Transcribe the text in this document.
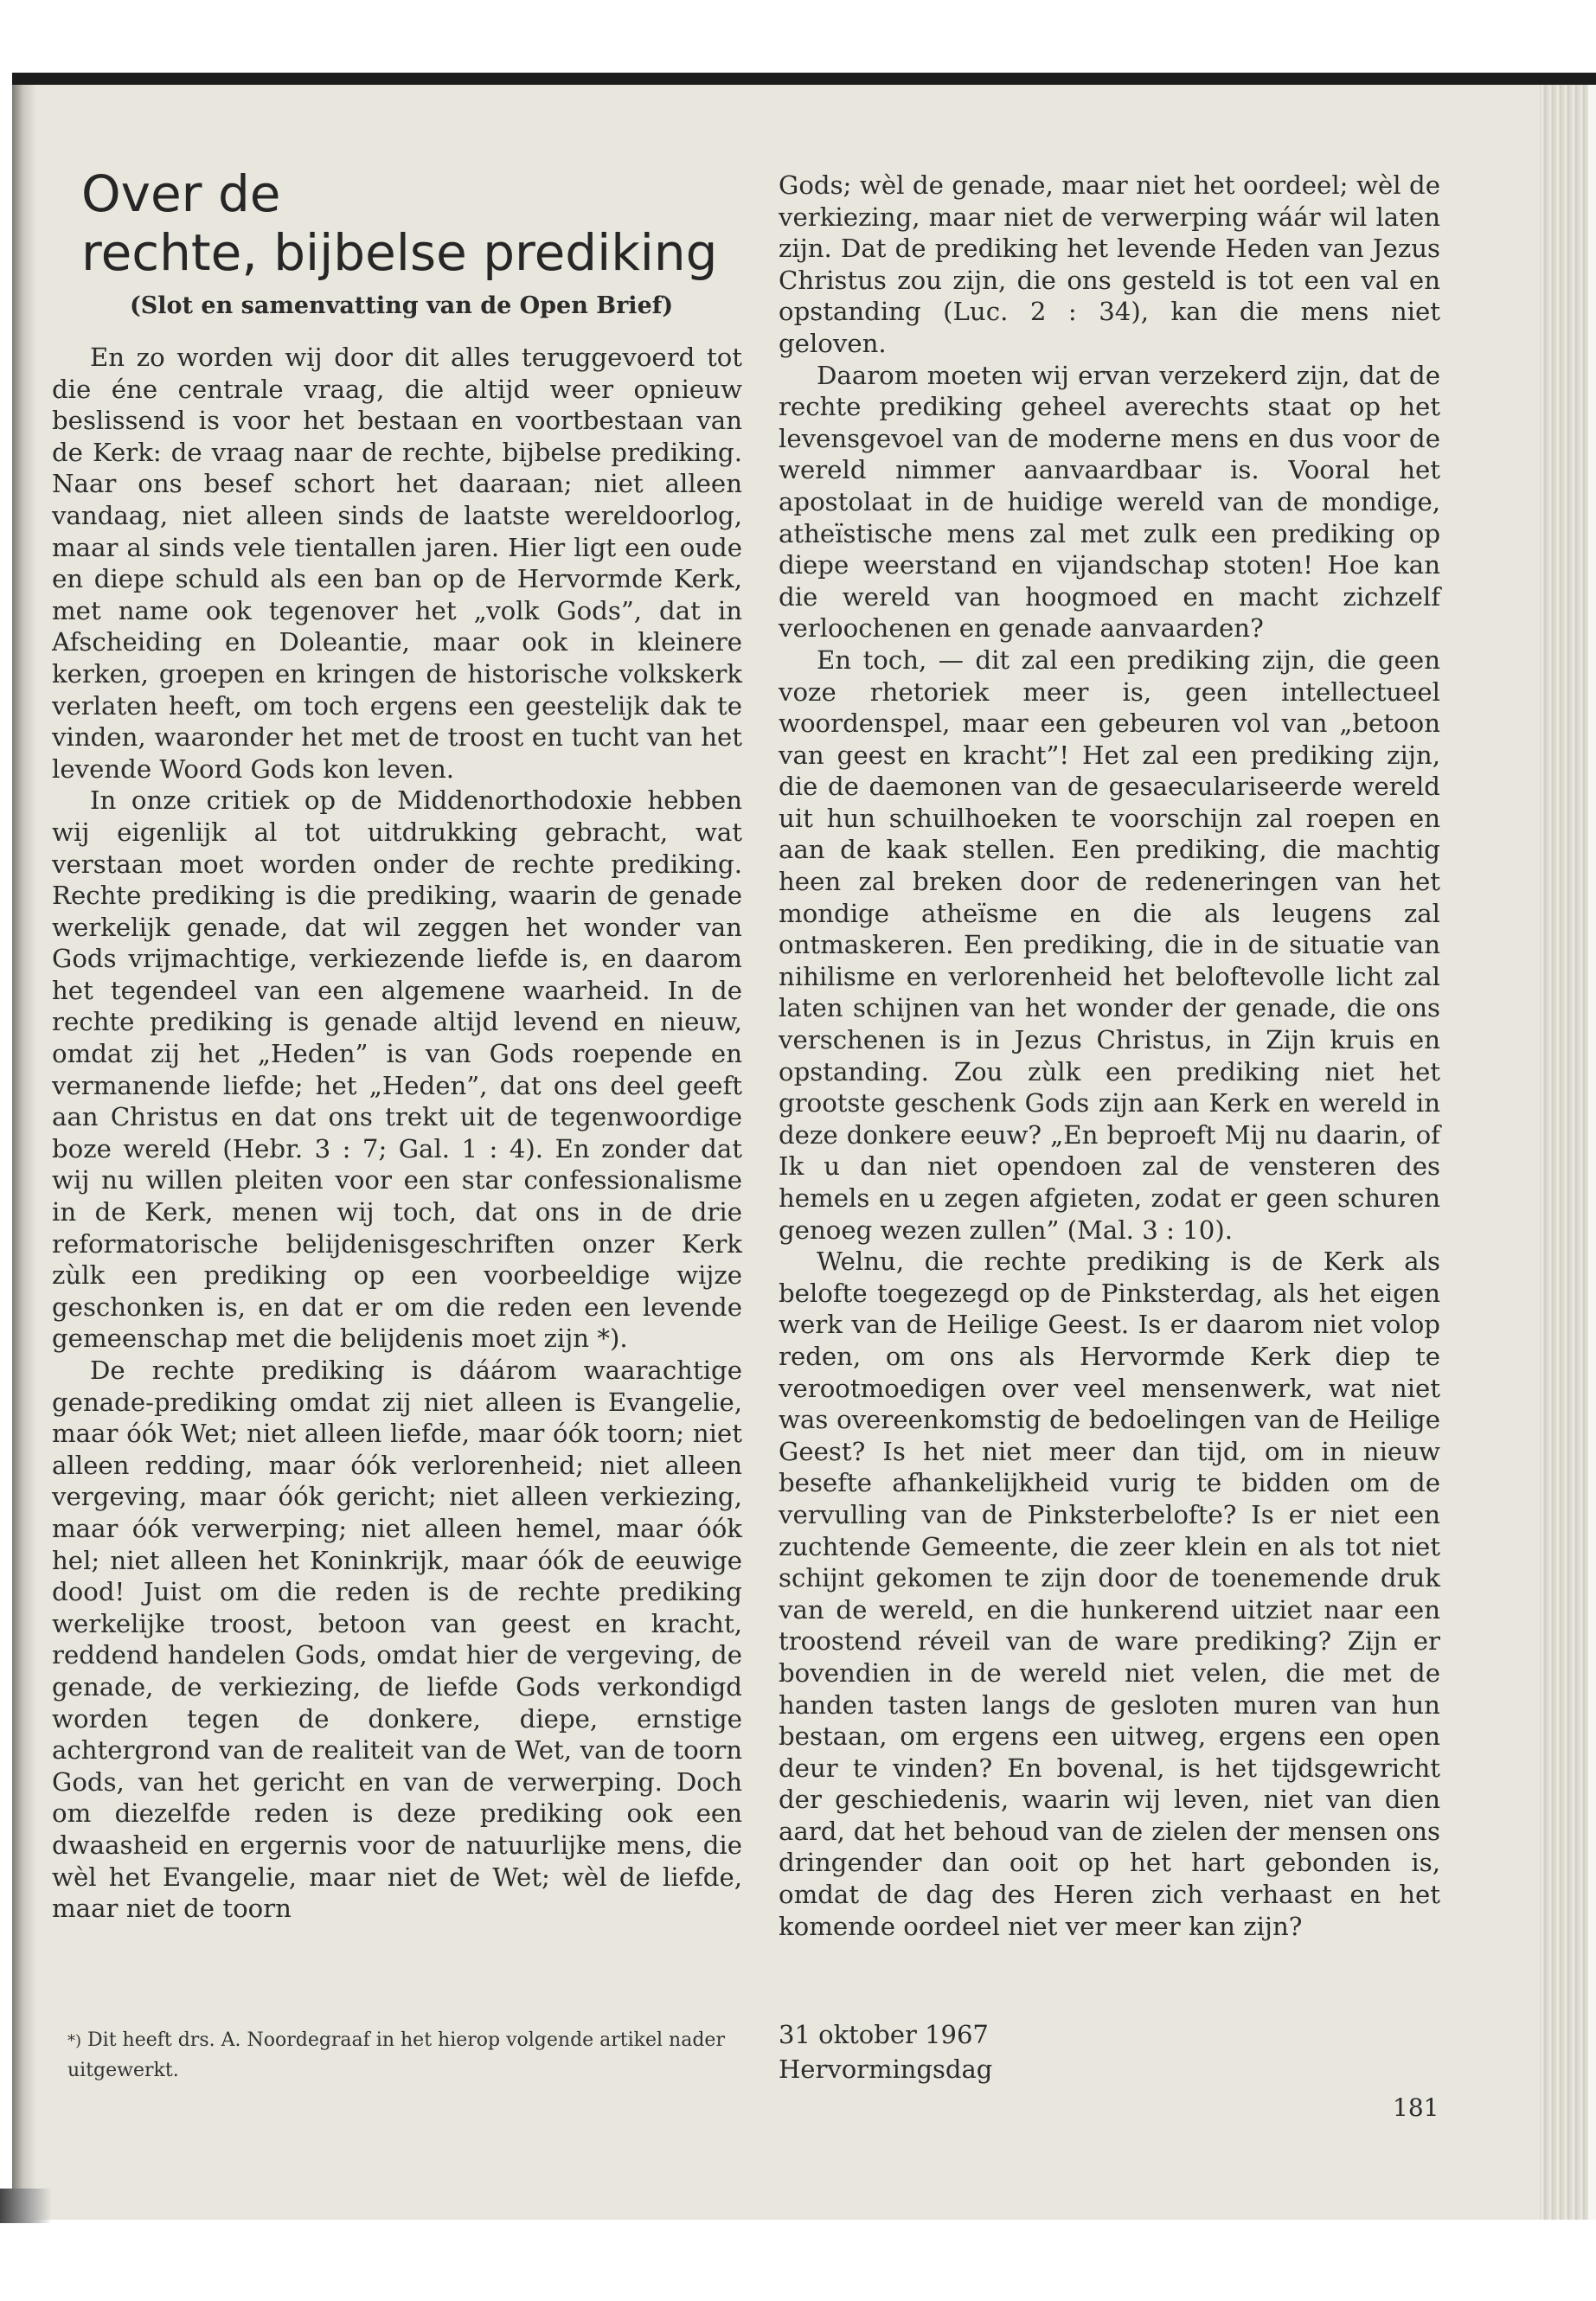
Over de
rechte, bijbelse prediking

(Slot en samenvatting van de Open Brief)

En zo worden wij door dit alles teruggevoerd tot die éne centrale vraag, die altijd weer opnieuw beslissend is voor het bestaan en voortbestaan van de Kerk: de vraag naar de rechte, bijbelse prediking. Naar ons besef schort het daaraan; niet alleen vandaag, niet alleen sinds de laatste wereldoorlog, maar al sinds vele tientallen jaren. Hier ligt een oude en diepe schuld als een ban op de Hervormde Kerk, met name ook tegenover het „volk Gods”, dat in Afscheiding en Doleantie, maar ook in kleinere kerken, groepen en kringen de historische volkskerk verlaten heeft, om toch ergens een geestelijk dak te vinden, waaronder het met de troost en tucht van het levende Woord Gods kon leven.

In onze critiek op de Middenorthodoxie hebben wij eigenlijk al tot uitdrukking gebracht, wat verstaan moet worden onder de rechte prediking. Rechte prediking is die prediking, waarin de genade werkelijk genade, dat wil zeggen het wonder van Gods vrijmachtige, verkiezende liefde is, en daarom het tegendeel van een algemene waarheid. In de rechte prediking is genade altijd levend en nieuw, omdat zij het „Heden” is van Gods roepende en vermanende liefde; het „Heden”, dat ons deel geeft aan Christus en dat ons trekt uit de tegenwoordige boze wereld (Hebr. 3 : 7; Gal. 1 : 4). En zonder dat wij nu willen pleiten voor een star confessionalisme in de Kerk, menen wij toch, dat ons in de drie reformatorische belijdenisgeschriften onzer Kerk zùlk een prediking op een voorbeeldige wijze geschonken is, en dat er om die reden een levende gemeenschap met die belijdenis moet zijn *).

De rechte prediking is dáárom waarachtige genade-prediking omdat zij niet alleen is Evangelie, maar óók Wet; niet alleen liefde, maar óók toorn; niet alleen redding, maar óók verlorenheid; niet alleen vergeving, maar óók gericht; niet alleen verkiezing, maar óók verwerping; niet alleen hemel, maar óók hel; niet alleen het Koninkrijk, maar óók de eeuwige dood! Juist om die reden is de rechte prediking werkelijke troost, betoon van geest en kracht, reddend handelen Gods, omdat hier de vergeving, de genade, de verkiezing, de liefde Gods verkondigd worden tegen de donkere, diepe, ernstige achtergrond van de realiteit van de Wet, van de toorn Gods, van het gericht en van de verwerping. Doch om diezelfde reden is deze prediking ook een dwaasheid en ergernis voor de natuurlijke mens, die wèl het Evangelie, maar niet de Wet; wèl de liefde, maar niet de toorn

*) Dit heeft drs. A. Noordegraaf in het hierop volgende artikel nader uitgewerkt.

Gods; wèl de genade, maar niet het oordeel; wèl de verkiezing, maar niet de verwerping wáár wil laten zijn. Dat de prediking het levende Heden van Jezus Christus zou zijn, die ons gesteld is tot een val en opstanding (Luc. 2 : 34), kan die mens niet geloven.

Daarom moeten wij ervan verzekerd zijn, dat de rechte prediking geheel averechts staat op het levensgevoel van de moderne mens en dus voor de wereld nimmer aanvaardbaar is. Vooral het apostolaat in de huidige wereld van de mondige, atheïstische mens zal met zulk een prediking op diepe weerstand en vijandschap stoten! Hoe kan die wereld van hoogmoed en macht zichzelf verloochenen en genade aanvaarden?

En toch, — dit zal een prediking zijn, die geen voze rhetoriek meer is, geen intellectueel woordenspel, maar een gebeuren vol van „betoon van geest en kracht”! Het zal een prediking zijn, die de daemonen van de gesaeculariseerde wereld uit hun schuilhoeken te voorschijn zal roepen en aan de kaak stellen. Een prediking, die machtig heen zal breken door de redeneringen van het mondige atheïsme en die als leugens zal ontmaskeren. Een prediking, die in de situatie van nihilisme en verlorenheid het beloftevolle licht zal laten schijnen van het wonder der genade, die ons verschenen is in Jezus Christus, in Zijn kruis en opstanding. Zou zùlk een prediking niet het grootste geschenk Gods zijn aan Kerk en wereld in deze donkere eeuw? „En beproeft Mij nu daarin, of Ik u dan niet opendoen zal de vensteren des hemels en u zegen afgieten, zodat er geen schuren genoeg wezen zullen” (Mal. 3 : 10).

Welnu, die rechte prediking is de Kerk als belofte toegezegd op de Pinksterdag, als het eigen werk van de Heilige Geest. Is er daarom niet volop reden, om ons als Hervormde Kerk diep te verootmoedigen over veel mensenwerk, wat niet was overeenkomstig de bedoelingen van de Heilige Geest? Is het niet meer dan tijd, om in nieuw besefte afhankelijkheid vurig te bidden om de vervulling van de Pinksterbelofte? Is er niet een zuchtende Gemeente, die zeer klein en als tot niet schijnt gekomen te zijn door de toenemende druk van de wereld, en die hunkerend uitziet naar een troostend réveil van de ware prediking? Zijn er bovendien in de wereld niet velen, die met de handen tasten langs de gesloten muren van hun bestaan, om ergens een uitweg, ergens een open deur te vinden? En bovenal, is het tijdsgewricht der geschiedenis, waarin wij leven, niet van dien aard, dat het behoud van de zielen der mensen ons dringender dan ooit op het hart gebonden is, omdat de dag des Heren zich verhaast en het komende oordeel niet ver meer kan zijn?

31 oktober 1967
Hervormingsdag
181
